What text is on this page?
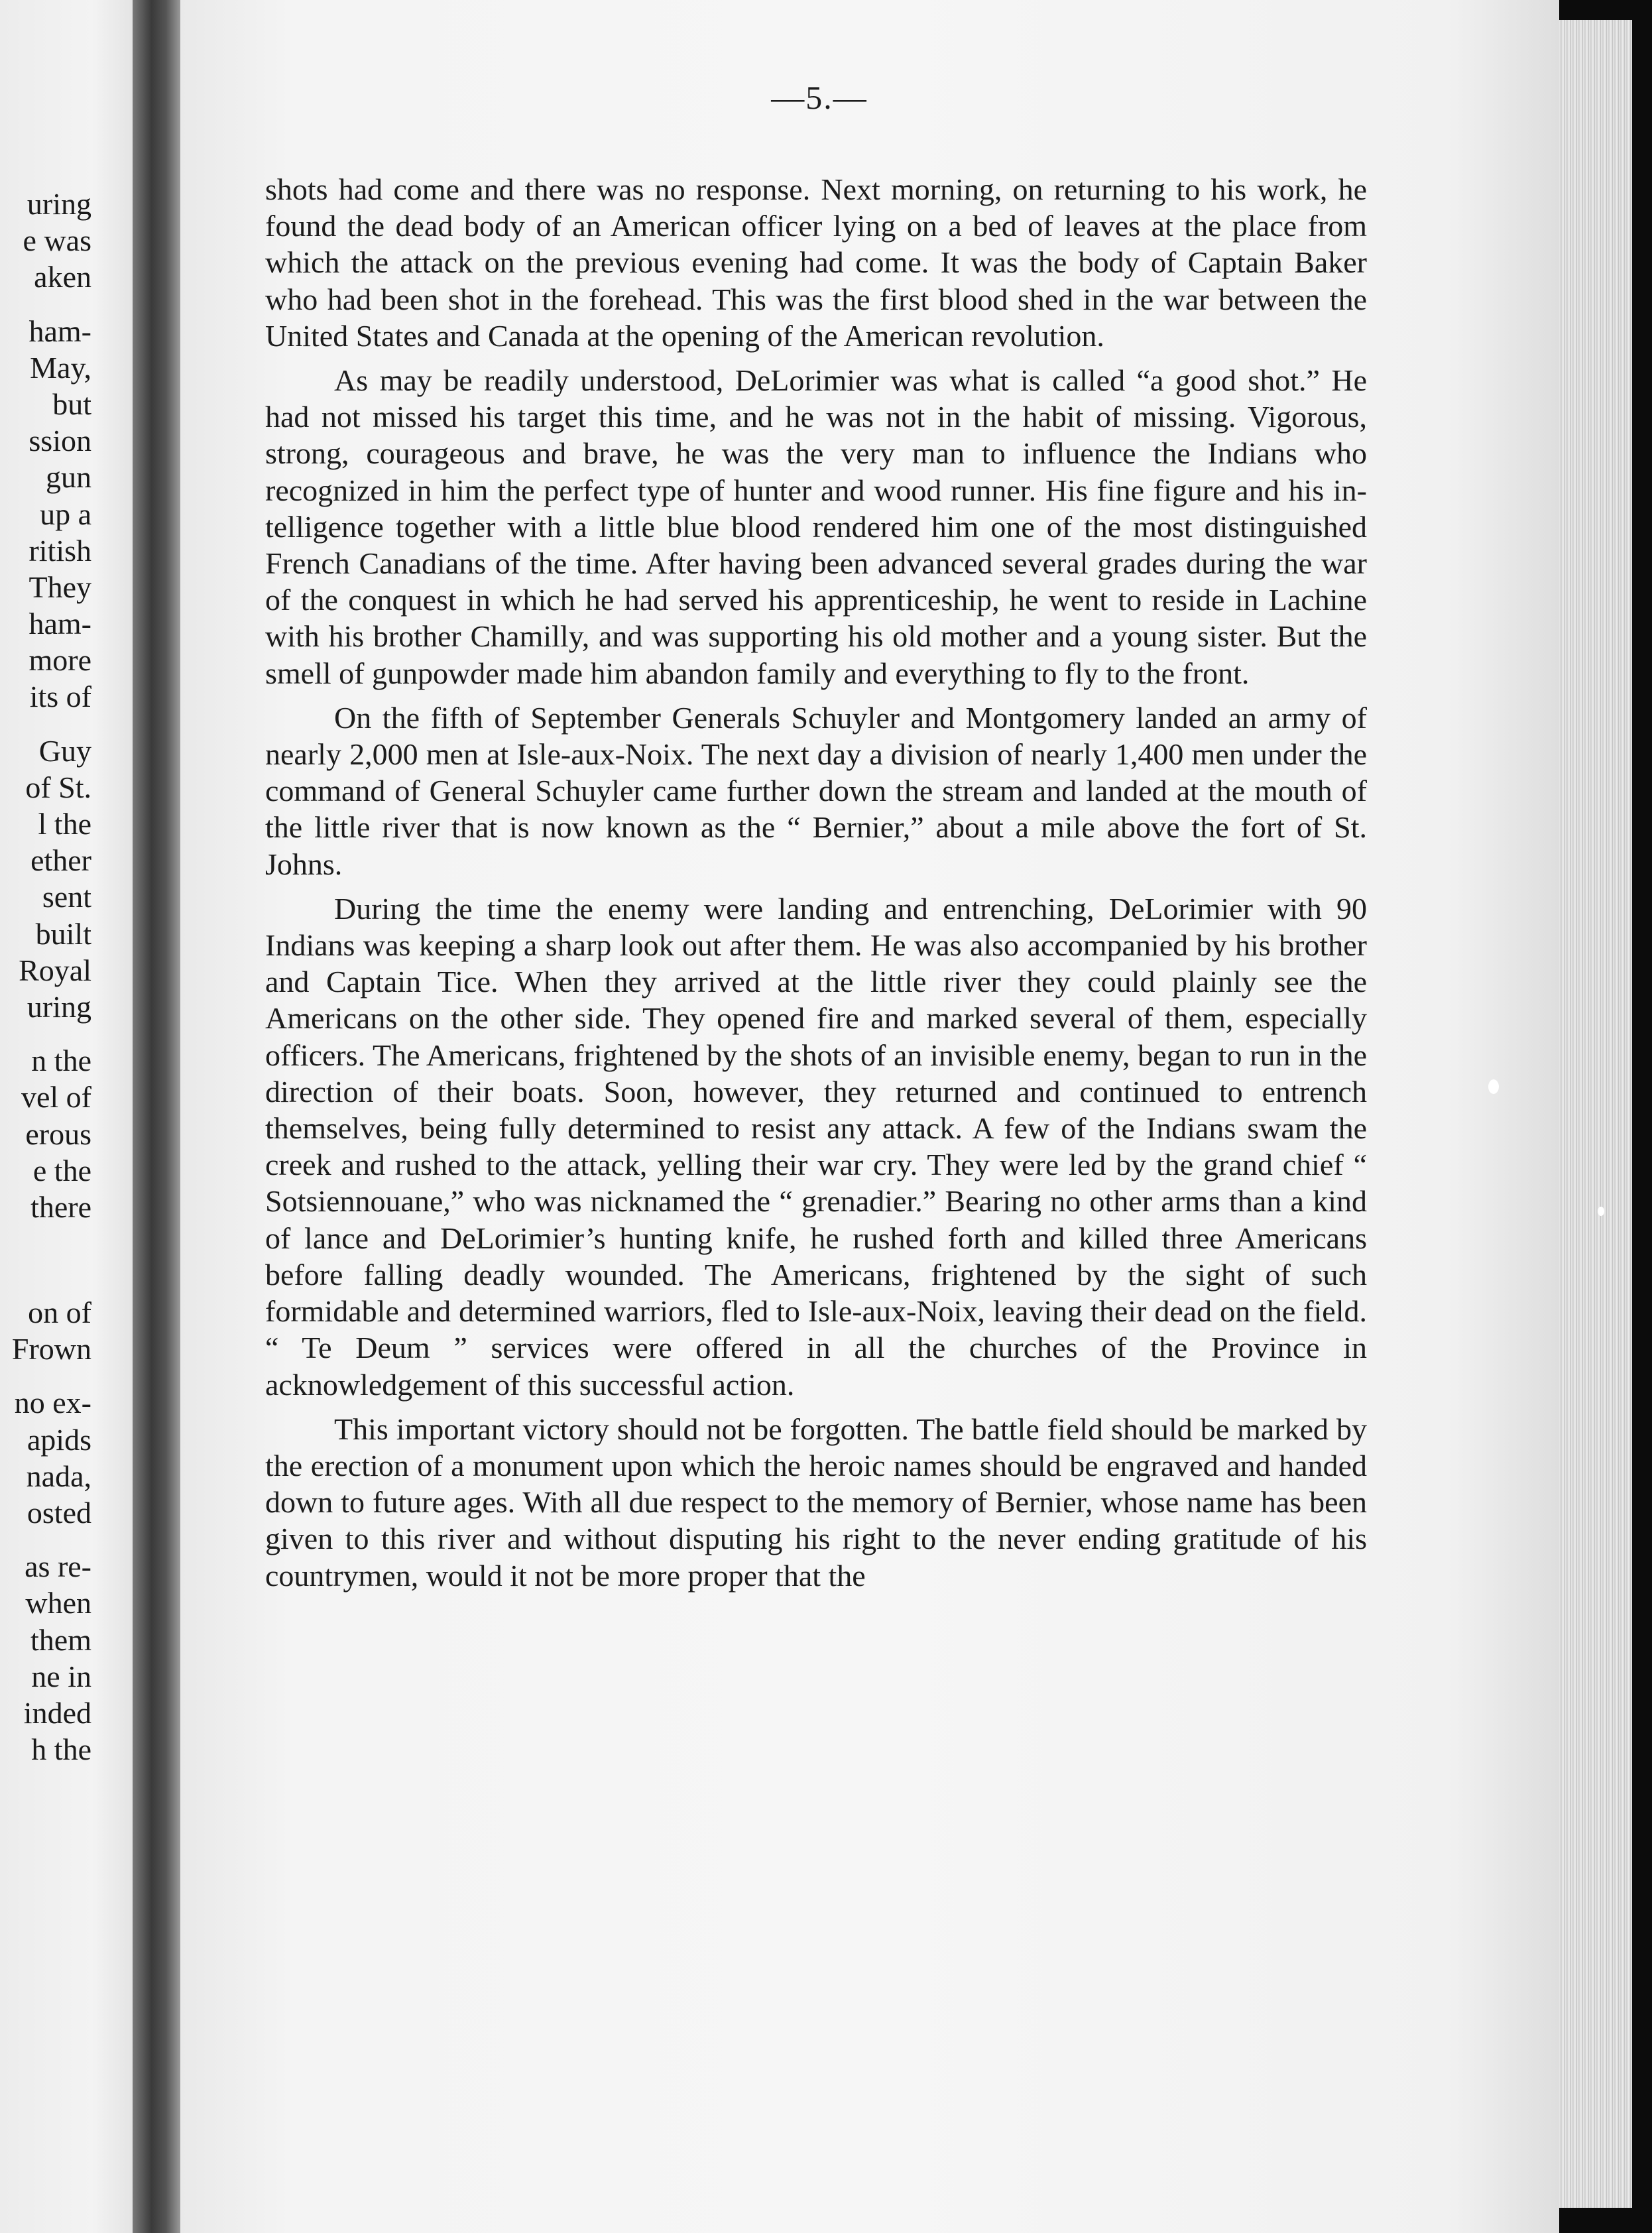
uring
e was
aken
ham-
May,
but
ssion
gun
up a
ritish
They
ham-
more
its of
Guy
of St.
l the
ether
sent
built
Royal
uring
n the
vel of
erous
e the
there
on of
Frown
no ex-
apids
nada,
osted
as re-
when
them
ne in
inded
h the
—5.—

shots had come and there was no response. Next morning, on returning to his work, he found the dead body of an American officer lying on a bed of leaves at the place from which the attack on the previous evening had come. It was the body of Captain Baker who had been shot in the forehead. This was the first blood shed in the war between the United States and Canada at the opening of the American revolution.

As may be readily understood, DeLorimier was what is called “a good shot.” He had not missed his target this time, and he was not in the habit of missing. Vigorous, strong, courageous and brave, he was the very man to influence the Indians who recognized in him the perfect type of hunter and wood runner. His fine figure and his intelligence together with a little blue blood rendered him one of the most distinguished French Canadians of the time. After having been advanced several grades during the war of the conquest in which he had served his apprenticeship, he went to reside in Lachine with his brother Chamilly, and was supporting his old mother and a young sister. But the smell of gunpowder made him abandon family and everything to fly to the front.

On the fifth of September Generals Schuyler and Montgomery landed an army of nearly 2,000 men at Isle-aux-Noix. The next day a division of nearly 1,400 men under the command of General Schuyler came further down the stream and landed at the mouth of the little river that is now known as the “ Bernier,” about a mile above the fort of St. Johns.

During the time the enemy were landing and entrenching, DeLorimier with 90 Indians was keeping a sharp look out after them. He was also accompanied by his brother and Captain Tice. When they arrived at the little river they could plainly see the Americans on the other side. They opened fire and marked several of them, especially officers. The Americans, frightened by the shots of an invisible enemy, began to run in the direction of their boats. Soon, however, they returned and continued to entrench themselves, being fully determined to resist any attack. A few of the Indians swam the creek and rushed to the attack, yelling their war cry. They were led by the grand chief “ Sotsiennouane,” who was nicknamed the “ grenadier.” Bearing no other arms than a kind of lance and DeLorimier’s hunting knife, he rushed forth and killed three Americans before falling deadly wounded. The Americans, frightened by the sight of such formidable and determined warriors, fled to Isle-aux-Noix, leaving their dead on the field. “ Te Deum ” services were offered in all the churches of the Province in acknowledgement of this successful action.

This important victory should not be forgotten. The battle field should be marked by the erection of a monument upon which the heroic names should be engraved and handed down to future ages. With all due respect to the memory of Bernier, whose name has been given to this river and without disputing his right to the never ending gratitude of his countrymen, would it not be more proper that the
